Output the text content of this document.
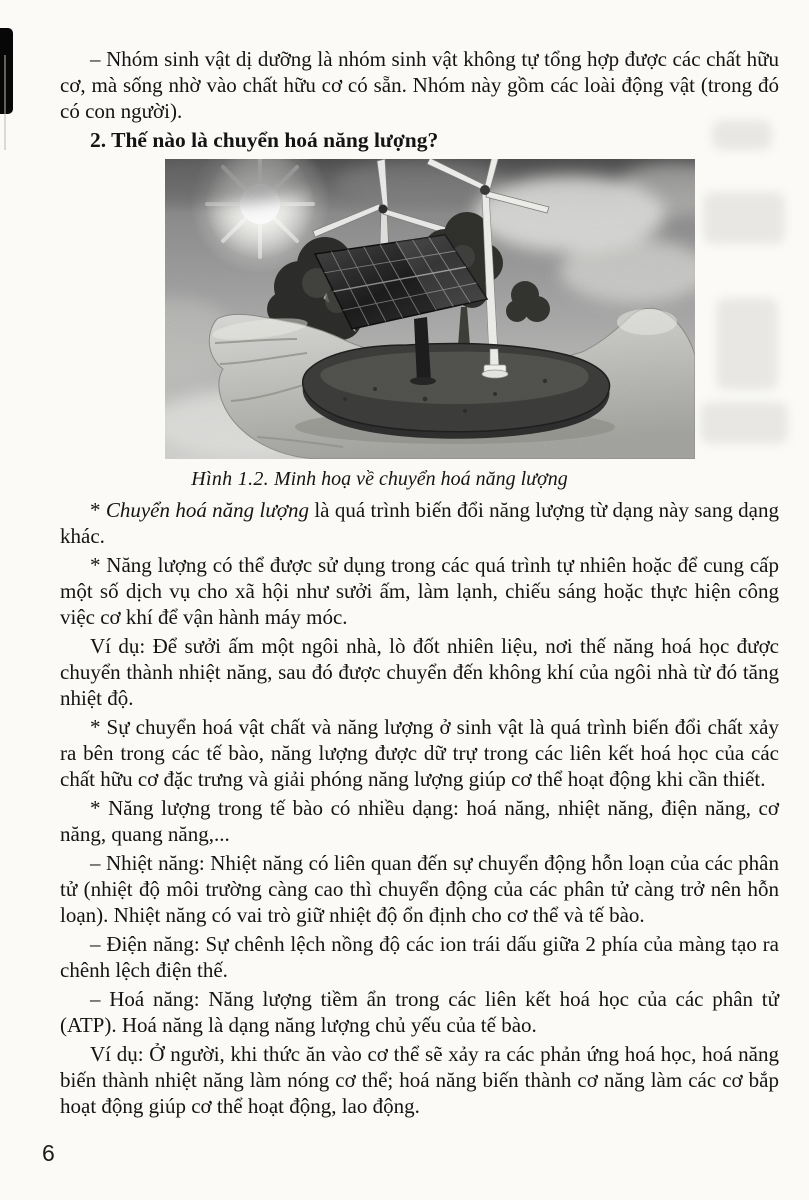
– Nhóm sinh vật dị dưỡng là nhóm sinh vật không tự tổng hợp được các chất hữu cơ, mà sống nhờ vào chất hữu cơ có sẵn. Nhóm này gồm các loài động vật (trong đó có con người).

2. Thế nào là chuyển hoá năng lượng?
Hình 1.2. Minh hoạ về chuyển hoá năng lượng

* Chuyển hoá năng lượng là quá trình biến đổi năng lượng từ dạng này sang dạng khác.

* Năng lượng có thể được sử dụng trong các quá trình tự nhiên hoặc để cung cấp một số dịch vụ cho xã hội như sưởi ấm, làm lạnh, chiếu sáng hoặc thực hiện công việc cơ khí để vận hành máy móc.

Ví dụ: Để sưởi ấm một ngôi nhà, lò đốt nhiên liệu, nơi thế năng hoá học được chuyển thành nhiệt năng, sau đó được chuyển đến không khí của ngôi nhà từ đó tăng nhiệt độ.

* Sự chuyển hoá vật chất và năng lượng ở sinh vật là quá trình biến đổi chất xảy ra bên trong các tế bào, năng lượng được dữ trự trong các liên kết hoá học của các chất hữu cơ đặc trưng và giải phóng năng lượng giúp cơ thể hoạt động khi cần thiết.

* Năng lượng trong tế bào có nhiều dạng: hoá năng, nhiệt năng, điện năng, cơ năng, quang năng,...

– Nhiệt năng: Nhiệt năng có liên quan đến sự chuyển động hỗn loạn của các phân tử (nhiệt độ môi trường càng cao thì chuyển động của các phân tử càng trở nên hỗn loạn). Nhiệt năng có vai trò giữ nhiệt độ ổn định cho cơ thể và tế bào.

– Điện năng: Sự chênh lệch nồng độ các ion trái dấu giữa 2 phía của màng tạo ra chênh lệch điện thế.

– Hoá năng: Năng lượng tiềm ẩn trong các liên kết hoá học của các phân tử (ATP). Hoá năng là dạng năng lượng chủ yếu của tế bào.

Ví dụ: Ở người, khi thức ăn vào cơ thể sẽ xảy ra các phản ứng hoá học, hoá năng biến thành nhiệt năng làm nóng cơ thể; hoá năng biến thành cơ năng làm các cơ bắp hoạt động giúp cơ thể hoạt động, lao động.

6
